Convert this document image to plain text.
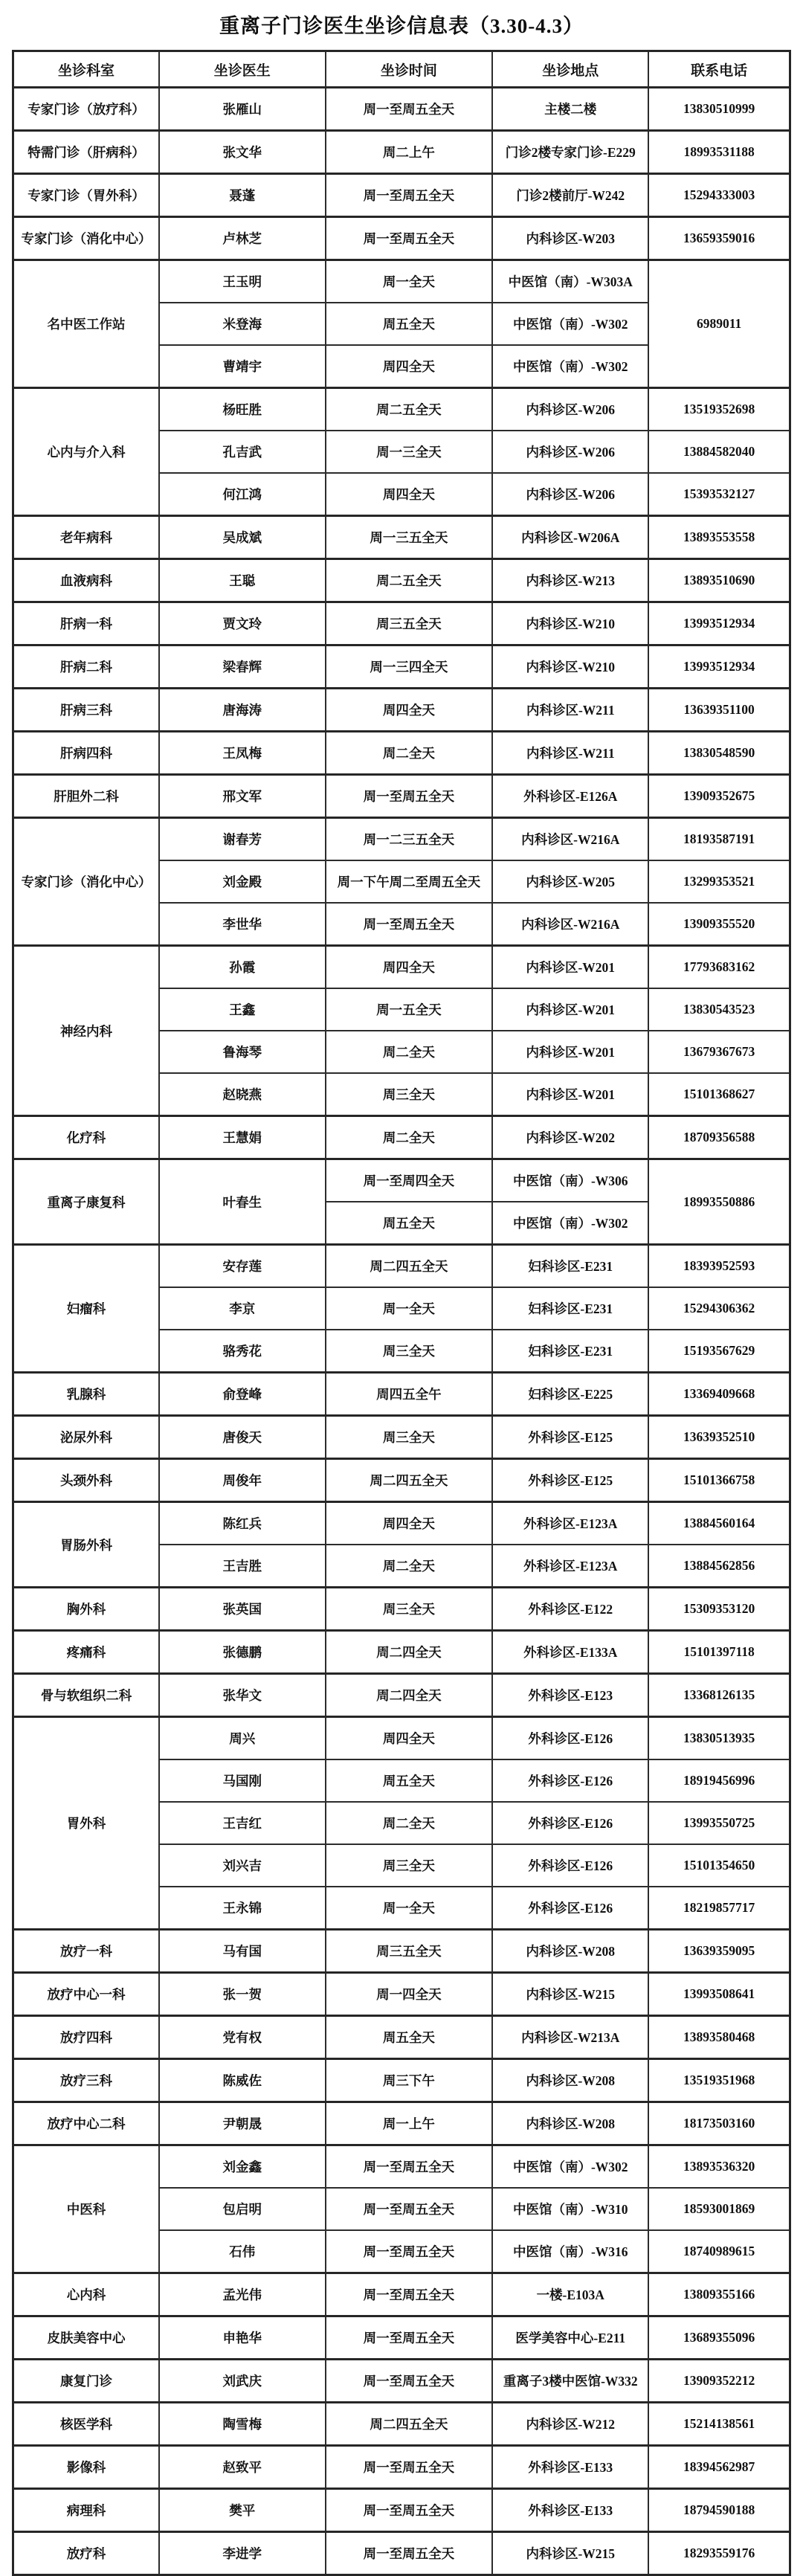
重离子门诊医生坐诊信息表（3.30-4.3）
坐诊科室	坐诊医生	坐诊时间	坐诊地点	联系电话
专家门诊（放疗科）	张雁山	周一至周五全天	主楼二楼	13830510999
特需门诊（肝病科）	张文华	周二上午	门诊2楼专家门诊-E229	18993531188
专家门诊（胃外科）	聂蓬	周一至周五全天	门诊2楼前厅-W242	15294333003
专家门诊（消化中心）	卢林芝	周一至周五全天	内科诊区-W203	13659359016
名中医工作站	王玉明	周一全天	中医馆（南）-W303A	6989011
	米登海	周五全天	中医馆（南）-W302	
	曹靖宇	周四全天	中医馆（南）-W302	
心内与介入科	杨旺胜	周二五全天	内科诊区-W206	13519352698
	孔吉武	周一三全天	内科诊区-W206	13884582040
	何江鸿	周四全天	内科诊区-W206	15393532127
老年病科	吴成斌	周一三五全天	内科诊区-W206A	13893553558
血液病科	王聪	周二五全天	内科诊区-W213	13893510690
肝病一科	贾文玲	周三五全天	内科诊区-W210	13993512934
肝病二科	梁春辉	周一三四全天	内科诊区-W210	13993512934
肝病三科	唐海涛	周四全天	内科诊区-W211	13639351100
肝病四科	王凤梅	周二全天	内科诊区-W211	13830548590
肝胆外二科	邢文军	周一至周五全天	外科诊区-E126A	13909352675
专家门诊（消化中心）	谢春芳	周一二三五全天	内科诊区-W216A	18193587191
	刘金殿	周一下午周二至周五全天	内科诊区-W205	13299353521
	李世华	周一至周五全天	内科诊区-W216A	13909355520
神经内科	孙霞	周四全天	内科诊区-W201	17793683162
	王鑫	周一五全天	内科诊区-W201	13830543523
	鲁海琴	周二全天	内科诊区-W201	13679367673
	赵晓燕	周三全天	内科诊区-W201	15101368627
化疗科	王慧娟	周二全天	内科诊区-W202	18709356588
重离子康复科	叶春生	周一至周四全天	中医馆（南）-W306	18993550886
		周五全天	中医馆（南）-W302	
妇瘤科	安存莲	周二四五全天	妇科诊区-E231	18393952593
	李京	周一全天	妇科诊区-E231	15294306362
	骆秀花	周三全天	妇科诊区-E231	15193567629
乳腺科	俞登峰	周四五全午	妇科诊区-E225	13369409668
泌尿外科	唐俊天	周三全天	外科诊区-E125	13639352510
头颈外科	周俊年	周二四五全天	外科诊区-E125	15101366758
胃肠外科	陈红兵	周四全天	外科诊区-E123A	13884560164
	王吉胜	周二全天	外科诊区-E123A	13884562856
胸外科	张英国	周三全天	外科诊区-E122	15309353120
疼痛科	张德鹏	周二四全天	外科诊区-E133A	15101397118
骨与软组织二科	张华文	周二四全天	外科诊区-E123	13368126135
胃外科	周兴	周四全天	外科诊区-E126	13830513935
	马国刚	周五全天	外科诊区-E126	18919456996
	王吉红	周二全天	外科诊区-E126	13993550725
	刘兴吉	周三全天	外科诊区-E126	15101354650
	王永锦	周一全天	外科诊区-E126	18219857717
放疗一科	马有国	周三五全天	内科诊区-W208	13639359095
放疗中心一科	张一贺	周一四全天	内科诊区-W215	13993508641
放疗四科	党有权	周五全天	内科诊区-W213A	13893580468
放疗三科	陈威佐	周三下午	内科诊区-W208	13519351968
放疗中心二科	尹朝晟	周一上午	内科诊区-W208	18173503160
中医科	刘金鑫	周一至周五全天	中医馆（南）-W302	13893536320
	包启明	周一至周五全天	中医馆（南）-W310	18593001869
	石伟	周一至周五全天	中医馆（南）-W316	18740989615
心内科	孟光伟	周一至周五全天	一楼-E103A	13809355166
皮肤美容中心	申艳华	周一至周五全天	医学美容中心-E211	13689355096
康复门诊	刘武庆	周一至周五全天	重离子3楼中医馆-W332	13909352212
核医学科	陶雪梅	周二四五全天	内科诊区-W212	15214138561
影像科	赵致平	周一至周五全天	外科诊区-E133	18394562987
病理科	樊平	周一至周五全天	外科诊区-E133	18794590188
放疗科	李进学	周一至周五全天	内科诊区-W215	18293559176
